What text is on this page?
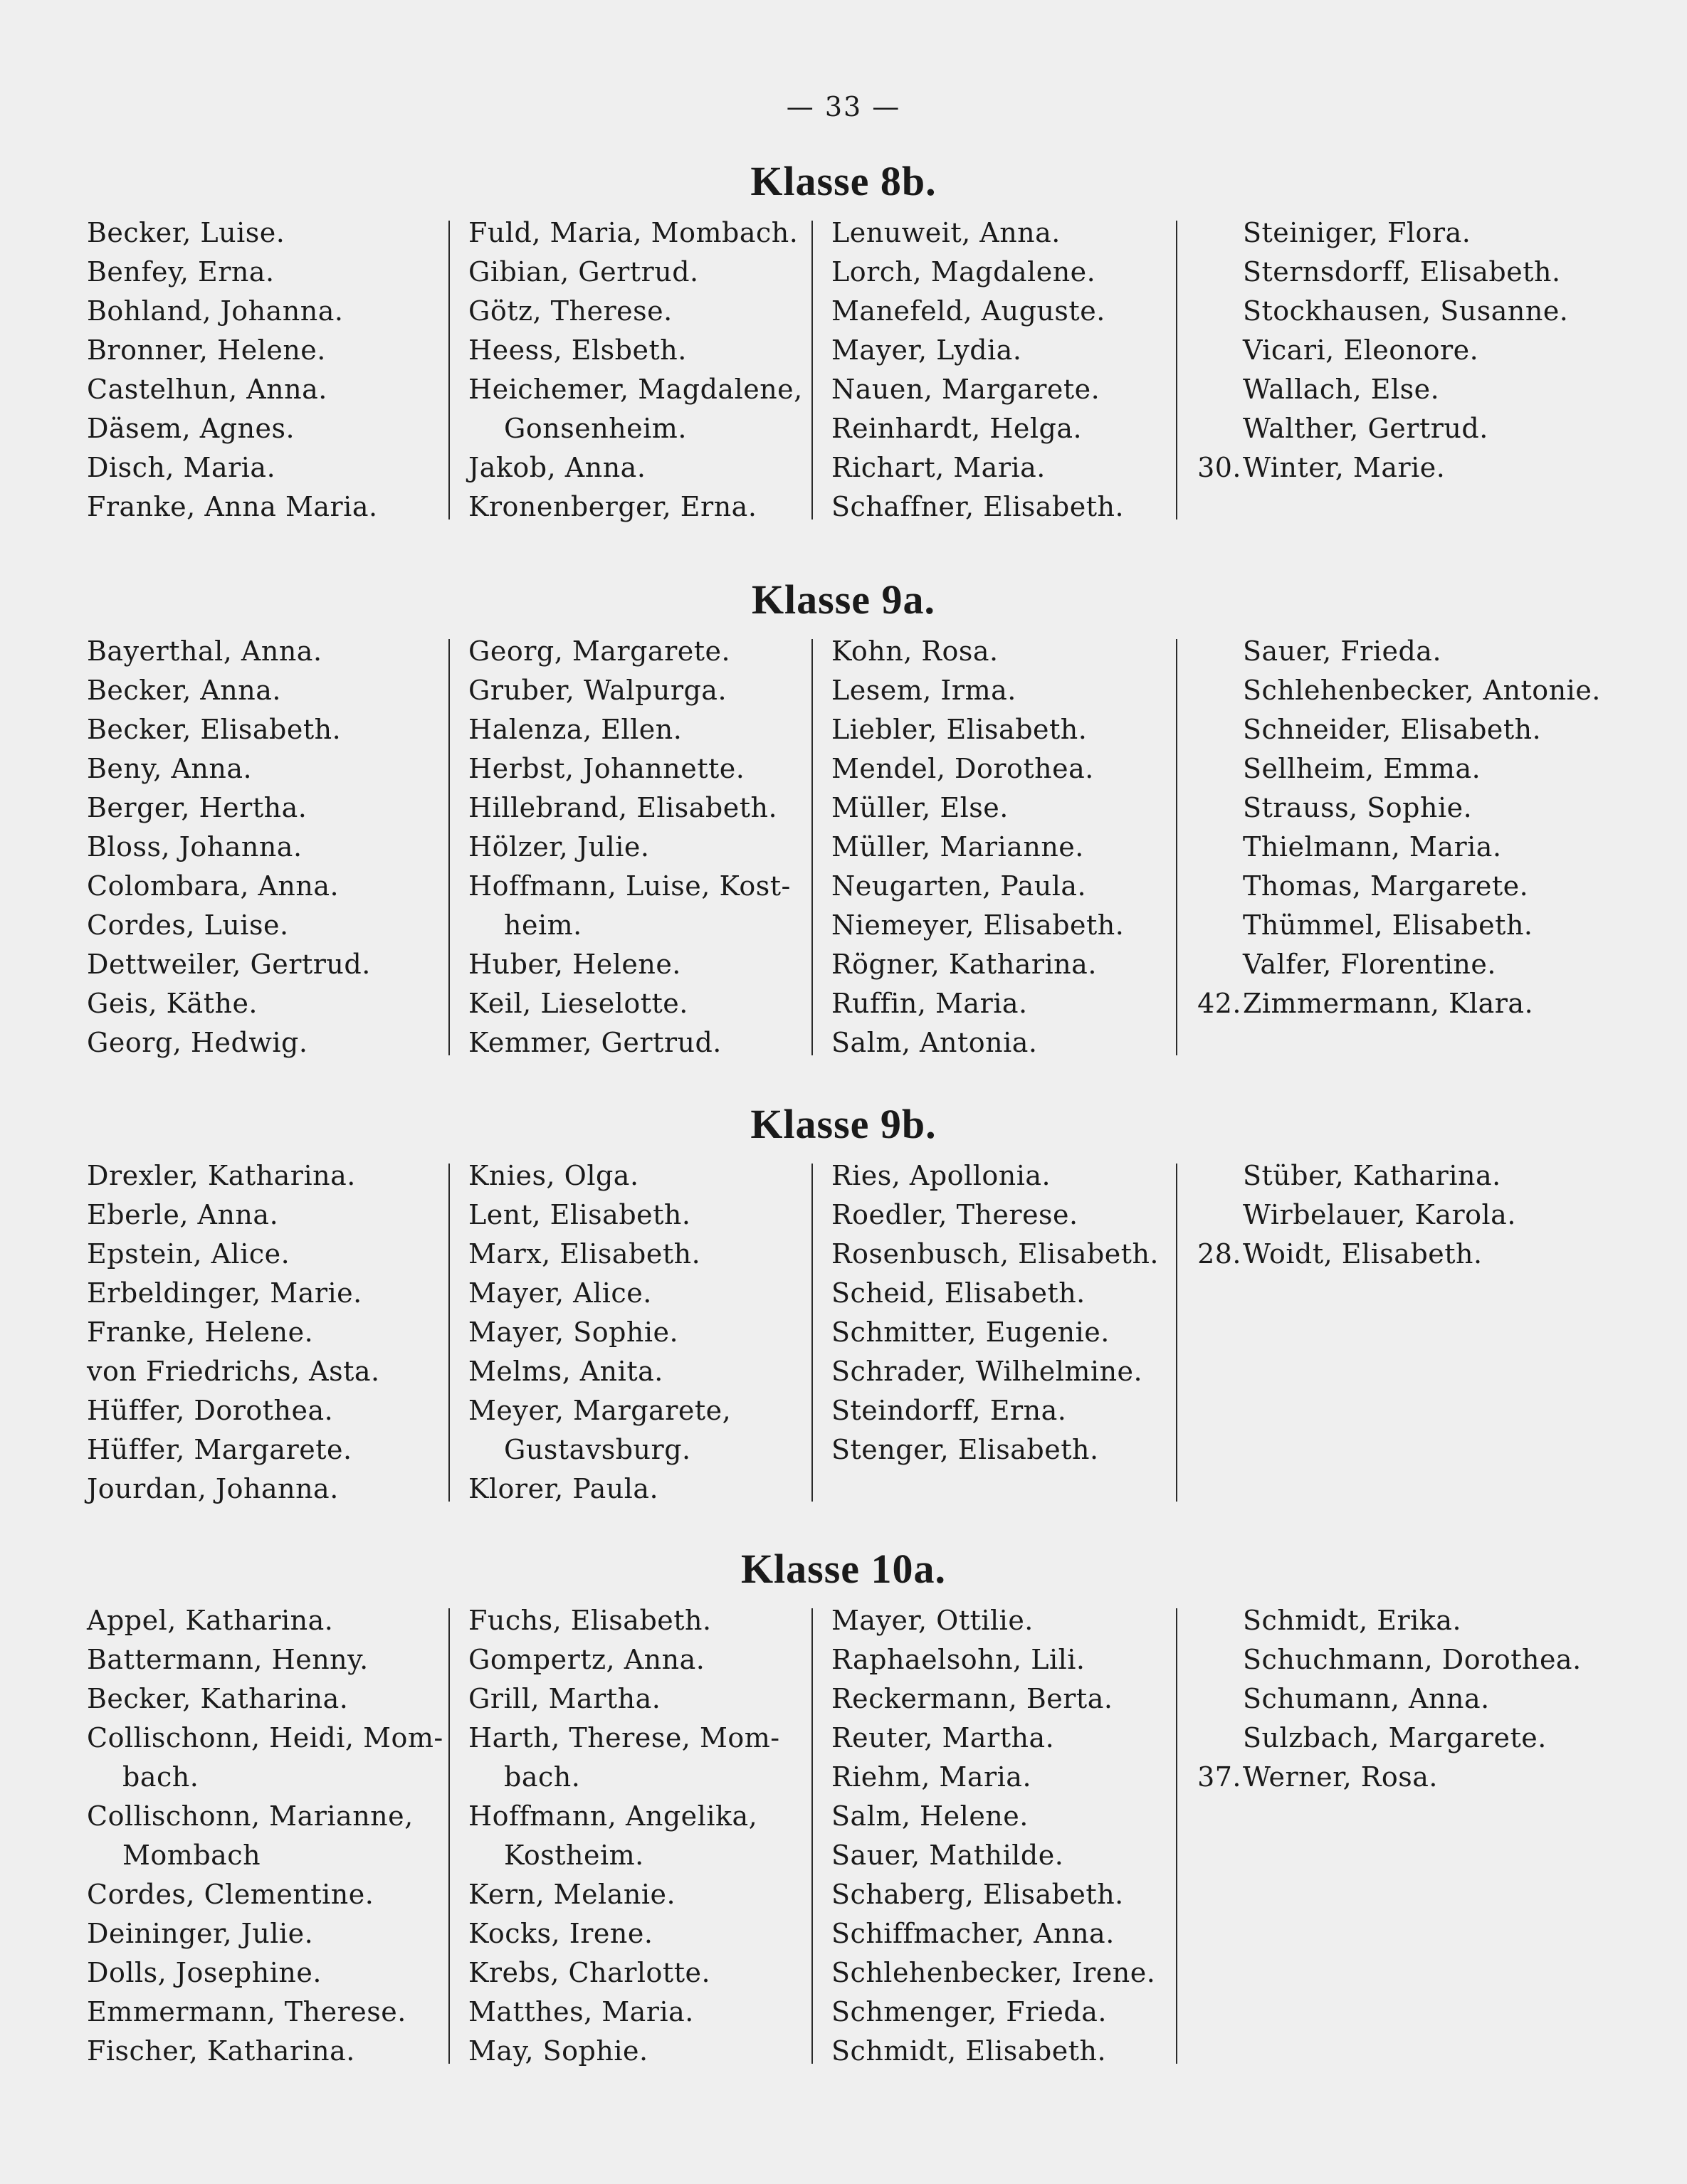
— 33 —
Klasse 8b.
Becker, Luise.
Benfey, Erna.
Bohland, Johanna.
Bronner, Helene.
Castelhun, Anna.
Däsem, Agnes.
Disch, Maria.
Franke, Anna Maria.
Fuld, Maria, Mombach.
Gibian, Gertrud.
Götz, Therese.
Heess, Elsbeth.
Heichemer, Magdalene,
Gonsenheim.
Jakob, Anna.
Kronenberger, Erna.
Lenuweit, Anna.
Lorch, Magdalene.
Manefeld, Auguste.
Mayer, Lydia.
Nauen, Margarete.
Reinhardt, Helga.
Richart, Maria.
Schaffner, Elisabeth.
Steiniger, Flora.
Sternsdorff, Elisabeth.
Stockhausen, Susanne.
Vicari, Eleonore.
Wallach, Else.
Walther, Gertrud.
30. Winter, Marie.
Klasse 9a.
Bayerthal, Anna.
Becker, Anna.
Becker, Elisabeth.
Beny, Anna.
Berger, Hertha.
Bloss, Johanna.
Colombara, Anna.
Cordes, Luise.
Dettweiler, Gertrud.
Geis, Käthe.
Georg, Hedwig.
Georg, Margarete.
Gruber, Walpurga.
Halenza, Ellen.
Herbst, Johannette.
Hillebrand, Elisabeth.
Hölzer, Julie.
Hoffmann, Luise, Kost-
heim.
Huber, Helene.
Keil, Lieselotte.
Kemmer, Gertrud.
Kohn, Rosa.
Lesem, Irma.
Liebler, Elisabeth.
Mendel, Dorothea.
Müller, Else.
Müller, Marianne.
Neugarten, Paula.
Niemeyer, Elisabeth.
Rögner, Katharina.
Ruffin, Maria.
Salm, Antonia.
Sauer, Frieda.
Schlehenbecker, Antonie.
Schneider, Elisabeth.
Sellheim, Emma.
Strauss, Sophie.
Thielmann, Maria.
Thomas, Margarete.
Thümmel, Elisabeth.
Valfer, Florentine.
42. Zimmermann, Klara.
Klasse 9b.
Drexler, Katharina.
Eberle, Anna.
Epstein, Alice.
Erbeldinger, Marie.
Franke, Helene.
von Friedrichs, Asta.
Hüffer, Dorothea.
Hüffer, Margarete.
Jourdan, Johanna.
Knies, Olga.
Lent, Elisabeth.
Marx, Elisabeth.
Mayer, Alice.
Mayer, Sophie.
Melms, Anita.
Meyer, Margarete,
Gustavsburg.
Klorer, Paula.
Ries, Apollonia.
Roedler, Therese.
Rosenbusch, Elisabeth.
Scheid, Elisabeth.
Schmitter, Eugenie.
Schrader, Wilhelmine.
Steindorff, Erna.
Stenger, Elisabeth.
Stüber, Katharina.
Wirbelauer, Karola.
28. Woidt, Elisabeth.
Klasse 10a.
Appel, Katharina.
Battermann, Henny.
Becker, Katharina.
Collischonn, Heidi, Mom-
bach.
Collischonn, Marianne,
Mombach
Cordes, Clementine.
Deininger, Julie.
Dolls, Josephine.
Emmermann, Therese.
Fischer, Katharina.
Fuchs, Elisabeth.
Gompertz, Anna.
Grill, Martha.
Harth, Therese, Mom-
bach.
Hoffmann, Angelika,
Kostheim.
Kern, Melanie.
Kocks, Irene.
Krebs, Charlotte.
Matthes, Maria.
May, Sophie.
Mayer, Ottilie.
Raphaelsohn, Lili.
Reckermann, Berta.
Reuter, Martha.
Riehm, Maria.
Salm, Helene.
Sauer, Mathilde.
Schaberg, Elisabeth.
Schiffmacher, Anna.
Schlehenbecker, Irene.
Schmenger, Frieda.
Schmidt, Elisabeth.
Schmidt, Erika.
Schuchmann, Dorothea.
Schumann, Anna.
Sulzbach, Margarete.
37. Werner, Rosa.
